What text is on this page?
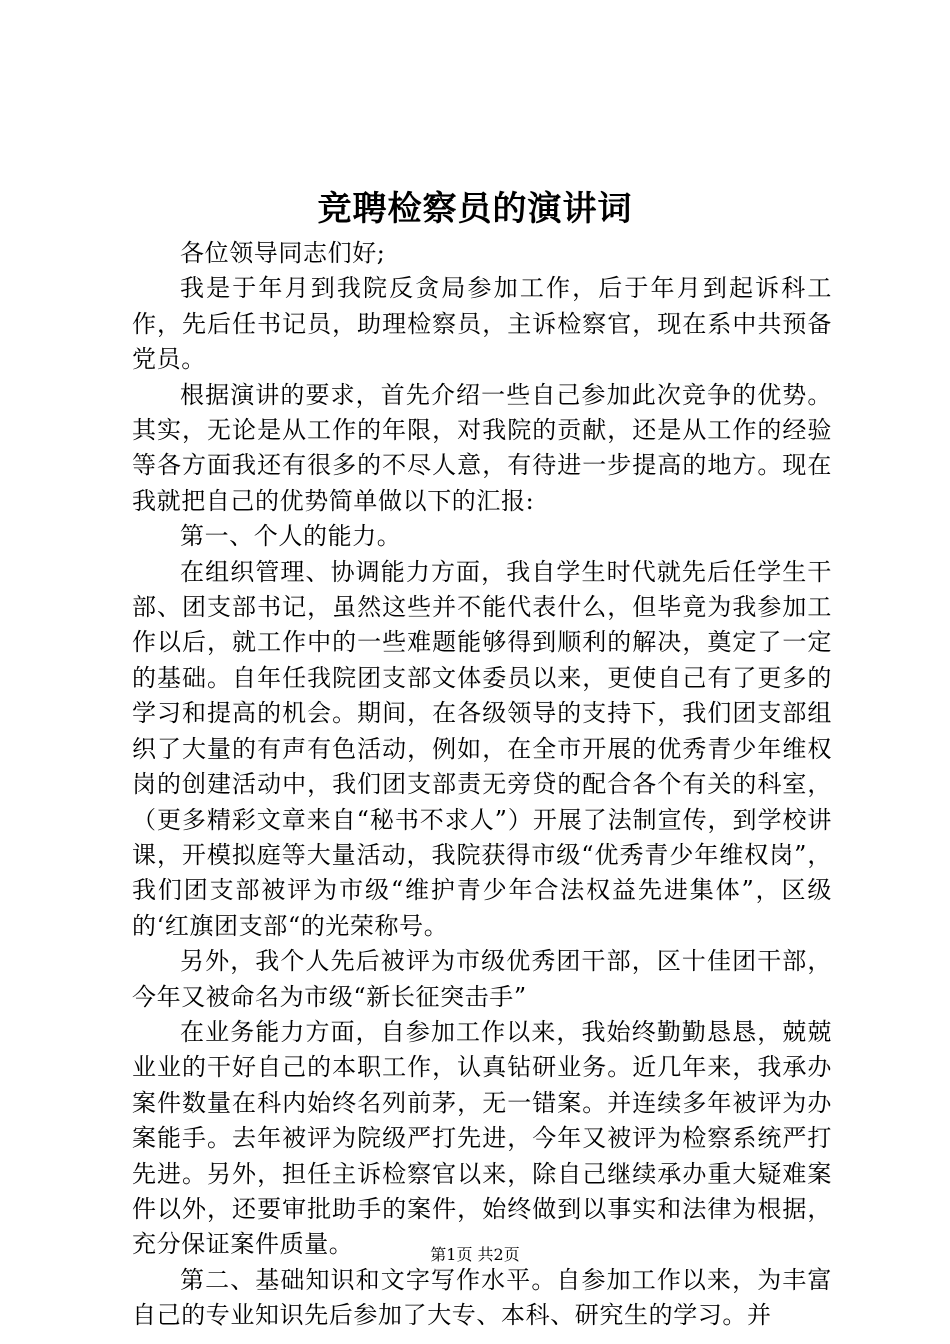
竞聘检察员的演讲词

各位领导同志们好;

我是于年月到我院反贪局参加工作，后于年月到起诉科工作，先后任书记员，助理检察员，主诉检察官，现在系中共预备党员。

根据演讲的要求，首先介绍一些自己参加此次竞争的优势。其实，无论是从工作的年限，对我院的贡献，还是从工作的经验等各方面我还有很多的不尽人意，有待进一步提高的地方。现在我就把自己的优势简单做以下的汇报:

第一、个人的能力。

在组织管理、协调能力方面，我自学生时代就先后任学生干部、团支部书记，虽然这些并不能代表什么，但毕竟为我参加工作以后，就工作中的一些难题能够得到顺利的解决，奠定了一定的基础。自年任我院团支部文体委员以来，更使自己有了更多的学习和提高的机会。期间，在各级领导的支持下，我们团支部组织了大量的有声有色活动，例如，在全市开展的优秀青少年维权岗的创建活动中，我们团支部责无旁贷的配合各个有关的科室，（更多精彩文章来自“秘书不求人”）开展了法制宣传，到学校讲课，开模拟庭等大量活动，我院获得市级“优秀青少年维权岗”，我们团支部被评为市级“维护青少年合法权益先进集体”，区级的‘红旗团支部“的光荣称号。

另外，我个人先后被评为市级优秀团干部，区十佳团干部，今年又被命名为市级“新长征突击手”

在业务能力方面，自参加工作以来，我始终勤勤恳恳，兢兢业业的干好自己的本职工作，认真钻研业务。近几年来，我承办案件数量在科内始终名列前茅，无一错案。并连续多年被评为办案能手。去年被评为院级严打先进，今年又被评为检察系统严打先进。另外，担任主诉检察官以来，除自己继续承办重大疑难案件以外，还要审批助手的案件，始终做到以事实和法律为根据，充分保证案件质量。

第二、基础知识和文字写作水平。自参加工作以来，为丰富自己的专业知识先后参加了大专、本科、研究生的学习。并

第1页 共2页
